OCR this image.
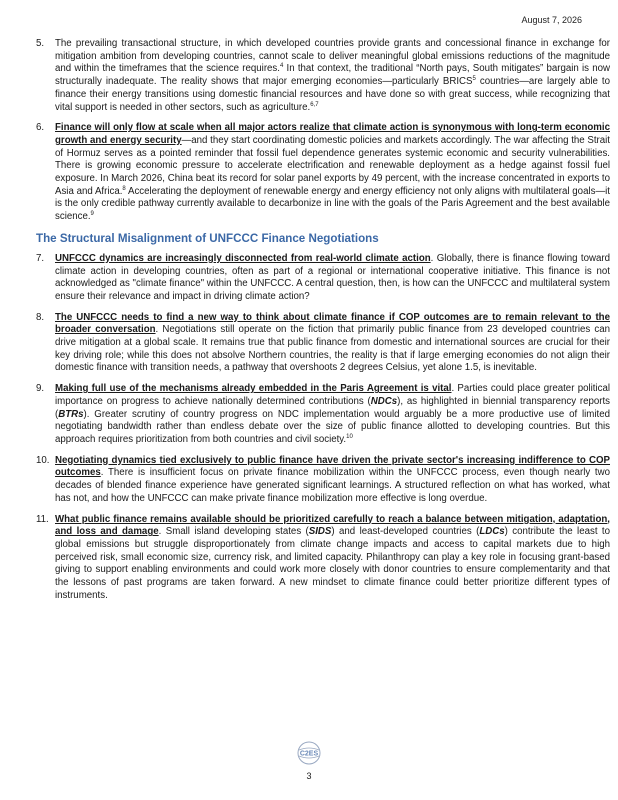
August 7, 2026
5.	The prevailing transactional structure, in which developed countries provide grants and concessional finance in exchange for mitigation ambition from developing countries, cannot scale to deliver meaningful global emissions reductions of the magnitude and within the timeframes that the science requires.$^4$ In that context, the traditional “North pays, South mitigates” bargain is now structurally inadequate. The reality shows that major emerging economies—particularly BRICS$^5$ countries—are largely able to finance their energy transitions using domestic financial resources and have done so with great success, while recognizing that vital support is needed in other sectors, such as agriculture.$^{6,7}$
6.	Finance will only flow at scale when all major actors realize that climate action is synonymous with long-term economic growth and energy security—and they start coordinating domestic policies and markets accordingly. The war affecting the Strait of Hormuz serves as a pointed reminder that fossil fuel dependence generates systemic economic and security vulnerabilities. There is growing economic pressure to accelerate electrification and renewable deployment as a hedge against fossil fuel exposure. In March 2026, China beat its record for solar panel exports by 49 percent, with the increase concentrated in exports to Asia and Africa.$^8$ Accelerating the deployment of renewable energy and energy efficiency not only aligns with multilateral goals—it is the only credible pathway currently available to decarbonize in line with the goals of the Paris Agreement and the best available science.$^9$
The Structural Misalignment of UNFCCC Finance Negotiations
7.	UNFCCC dynamics are increasingly disconnected from real-world climate action. Globally, there is finance flowing toward climate action in developing countries, often as part of a regional or international cooperative initiative. This finance is not acknowledged as "climate finance" within the UNFCCC. A central question, then, is how can the UNFCCC and multilateral system ensure their relevance and impact in driving climate action?
8.	The UNFCCC needs to find a new way to think about climate finance if COP outcomes are to remain relevant to the broader conversation. Negotiations still operate on the fiction that primarily public finance from 23 developed countries can drive mitigation at a global scale. It remains true that public finance from domestic and international sources are crucial for their key driving role; while this does not absolve Northern countries, the reality is that if large emerging economies do not align their domestic finance with transition needs, a pathway that overshoots 2 degrees Celsius, yet alone 1.5, is inevitable.
9.	Making full use of the mechanisms already embedded in the Paris Agreement is vital. Parties could place greater political importance on progress to achieve nationally determined contributions (NDCs), as highlighted in biennial transparency reports (BTRs). Greater scrutiny of country progress on NDC implementation would arguably be a more productive use of limited negotiating bandwidth rather than endless debate over the size of public finance allotted to developing countries. But this approach requires prioritization from both countries and civil society.$^{10}$
10. Negotiating dynamics tied exclusively to public finance have driven the private sector's increasing indifference to COP outcomes. There is insufficient focus on private finance mobilization within the UNFCCC process, even though nearly two decades of blended finance experience have generated significant learnings. A structured reflection on what has worked, what has not, and how the UNFCCC can make private finance mobilization more effective is long overdue.
11. What public finance remains available should be prioritized carefully to reach a balance between mitigation, adaptation, and loss and damage. Small island developing states (SIDS) and least-developed countries (LDCs) contribute the least to global emissions but struggle disproportionately from climate change impacts and access to capital markets due to high perceived risk, small economic size, currency risk, and limited capacity. Philanthropy can play a key role in focusing grant-based giving to support enabling environments and could work more closely with donor countries to ensure complementarity and that the lessons of past programs are taken forward. A new mindset to climate finance could better prioritize different types of instruments.
C2ES
3
